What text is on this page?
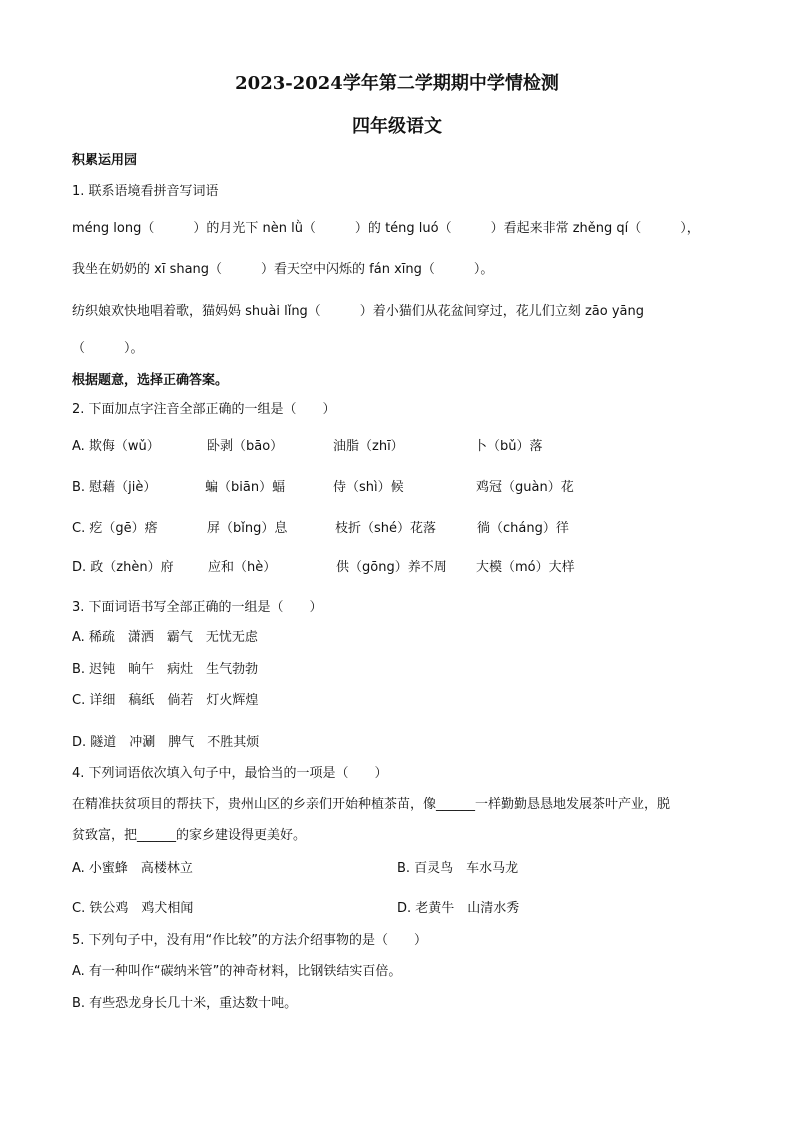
2023-2024学年第二学期期中学情检测
四年级语文
积累运用园
1. 联系语境看拼音写词语
méng long（　　　）的月光下 nèn lǜ（　　　）的 téng luó（　　　）看起来非常 zhěng qí（　　　），
我坐在奶奶的 xī shang（　　　）看天空中闪烁的 fán xīng（　　　）。
纺织娘欢快地唱着歌，猫妈妈 shuài lǐng（　　　）着小猫们从花盆间穿过，花儿们立刻 zāo yāng
（　　　）。
根据题意，选择正确答案。
2. 下面加点字注音全部正确的一组是（　　）
A. 欺侮（wǔ）	卧剥（bāo）	油脂（zhī）	卜（bǔ）落
B. 慰藉（jiè）	蝙（biān）蝠	侍（shì）候	鸡冠（guàn）花
C. 疙（gē）瘩	屏（bǐng）息	枝折（shé）花落	徜（cháng）徉
D. 政（zhèn）府	应和（hè）	供（gōng）养不周 大模（mó）大样
3. 下面词语书写全部正确的一组是（　　）
A. 稀疏　潇洒　霸气　无忧无虑
B. 迟钝　晌午　病灶　生气勃勃
C. 详细　稿纸　倘若　灯火辉煌
D. 隧道　冲涮　脾气　不胜其烦
4. 下列词语依次填入句子中，最恰当的一项是（　　）
在精准扶贫项目的帮扶下，贵州山区的乡亲们开始种植茶苗，像______一样勤勤恳恳地发展茶叶产业，脱
贫致富，把______的家乡建设得更美好。
A. 小蜜蜂　高楼林立	B. 百灵鸟　车水马龙
C. 铁公鸡　鸡犬相闻	D. 老黄牛　山清水秀
5. 下列句子中，没有用“作比较”的方法介绍事物的是（　　）
A. 有一种叫作“碳纳米管”的神奇材料，比钢铁结实百倍。
B. 有些恐龙身长几十米，重达数十吨。
